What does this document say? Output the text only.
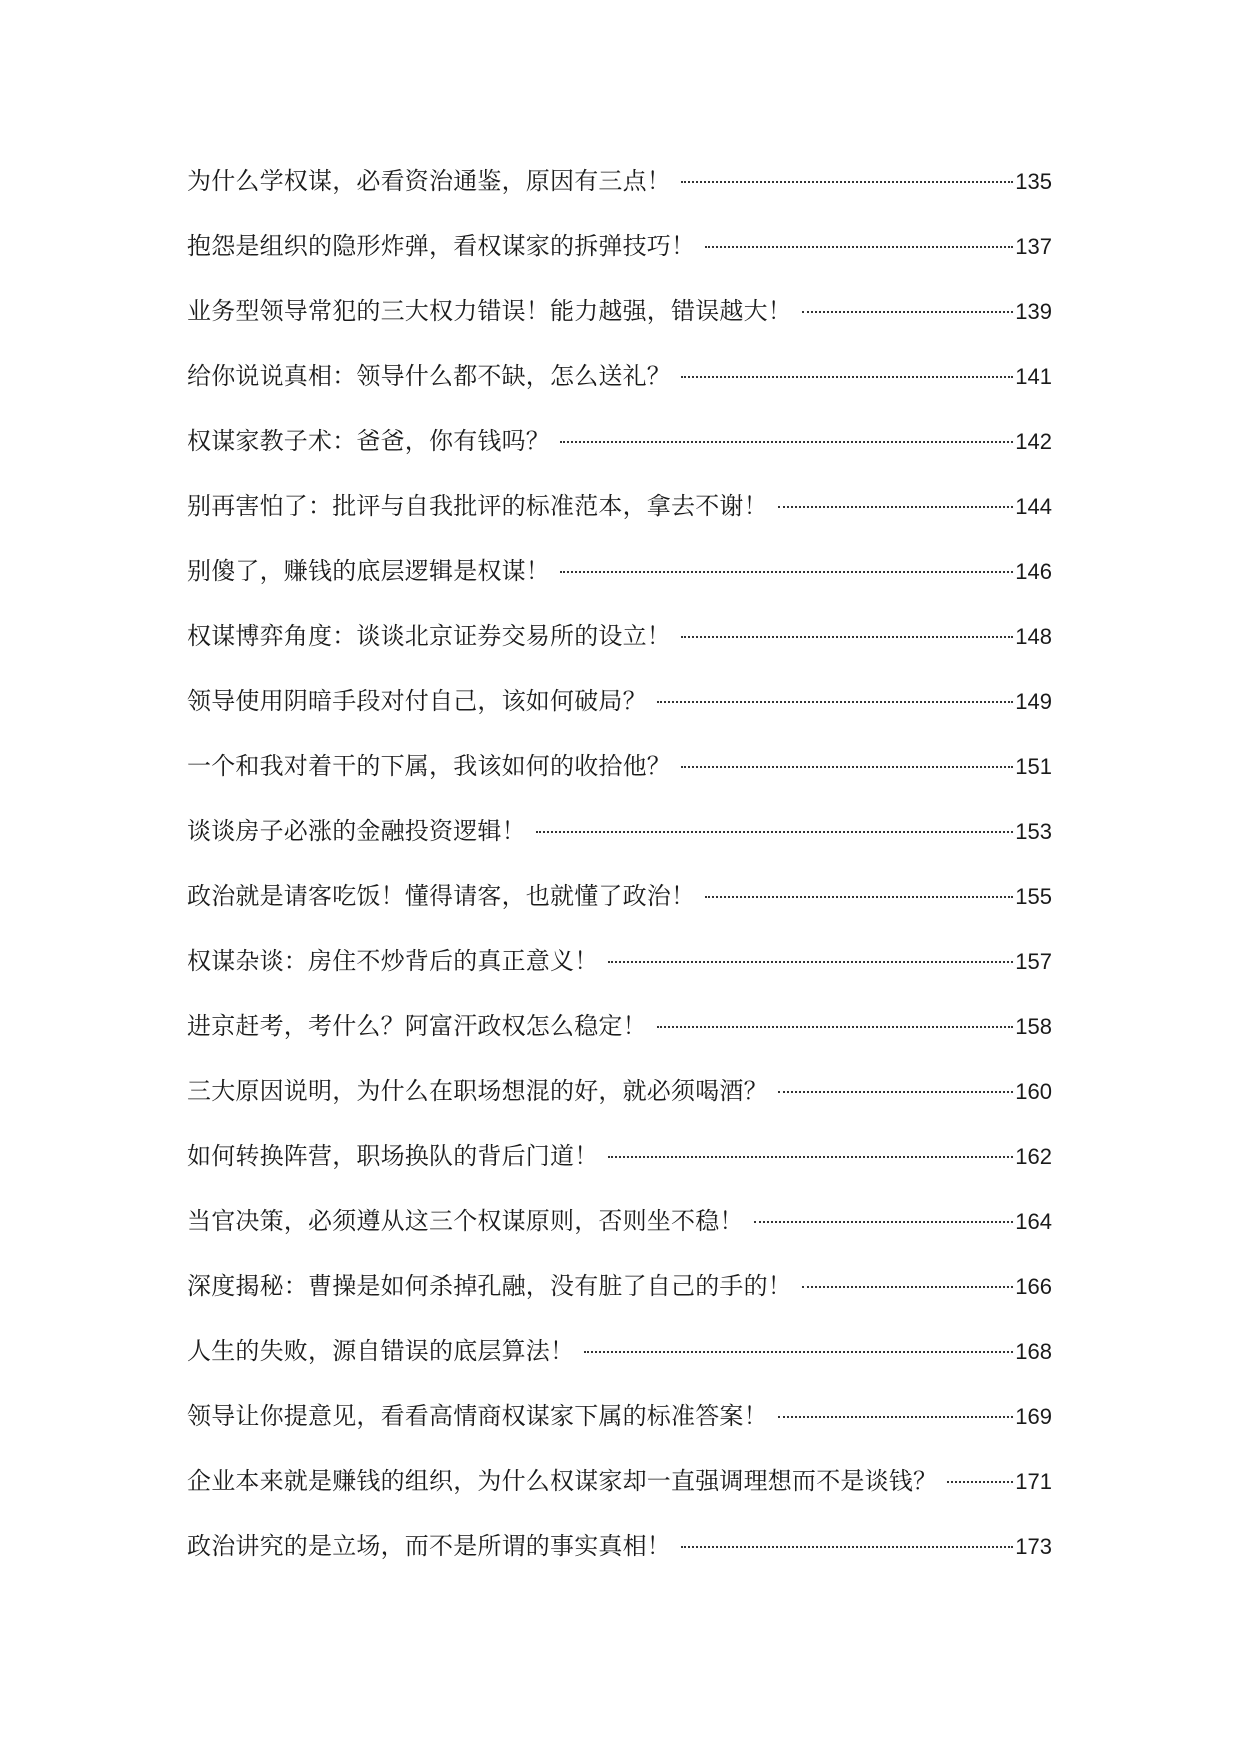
为什么学权谋，必看资治通鉴，原因有三点！	135
抱怨是组织的隐形炸弹，看权谋家的拆弹技巧！	137
业务型领导常犯的三大权力错误！能力越强，错误越大！	139
给你说说真相：领导什么都不缺，怎么送礼？	141
权谋家教子术：爸爸，你有钱吗？	142
别再害怕了：批评与自我批评的标准范本，拿去不谢！	144
别傻了，赚钱的底层逻辑是权谋！	146
权谋博弈角度：谈谈北京证券交易所的设立！	148
领导使用阴暗手段对付自己，该如何破局？	149
一个和我对着干的下属，我该如何的收拾他？	151
谈谈房子必涨的金融投资逻辑！	153
政治就是请客吃饭！懂得请客，也就懂了政治！	155
权谋杂谈：房住不炒背后的真正意义！	157
进京赶考，考什么？阿富汗政权怎么稳定！	158
三大原因说明，为什么在职场想混的好，就必须喝酒？	160
如何转换阵营，职场换队的背后门道！	162
当官决策，必须遵从这三个权谋原则，否则坐不稳！	164
深度揭秘：曹操是如何杀掉孔融，没有脏了自己的手的！	166
人生的失败，源自错误的底层算法！	168
领导让你提意见，看看高情商权谋家下属的标准答案！	169
企业本来就是赚钱的组织，为什么权谋家却一直强调理想而不是谈钱？	171
政治讲究的是立场，而不是所谓的事实真相！	173
